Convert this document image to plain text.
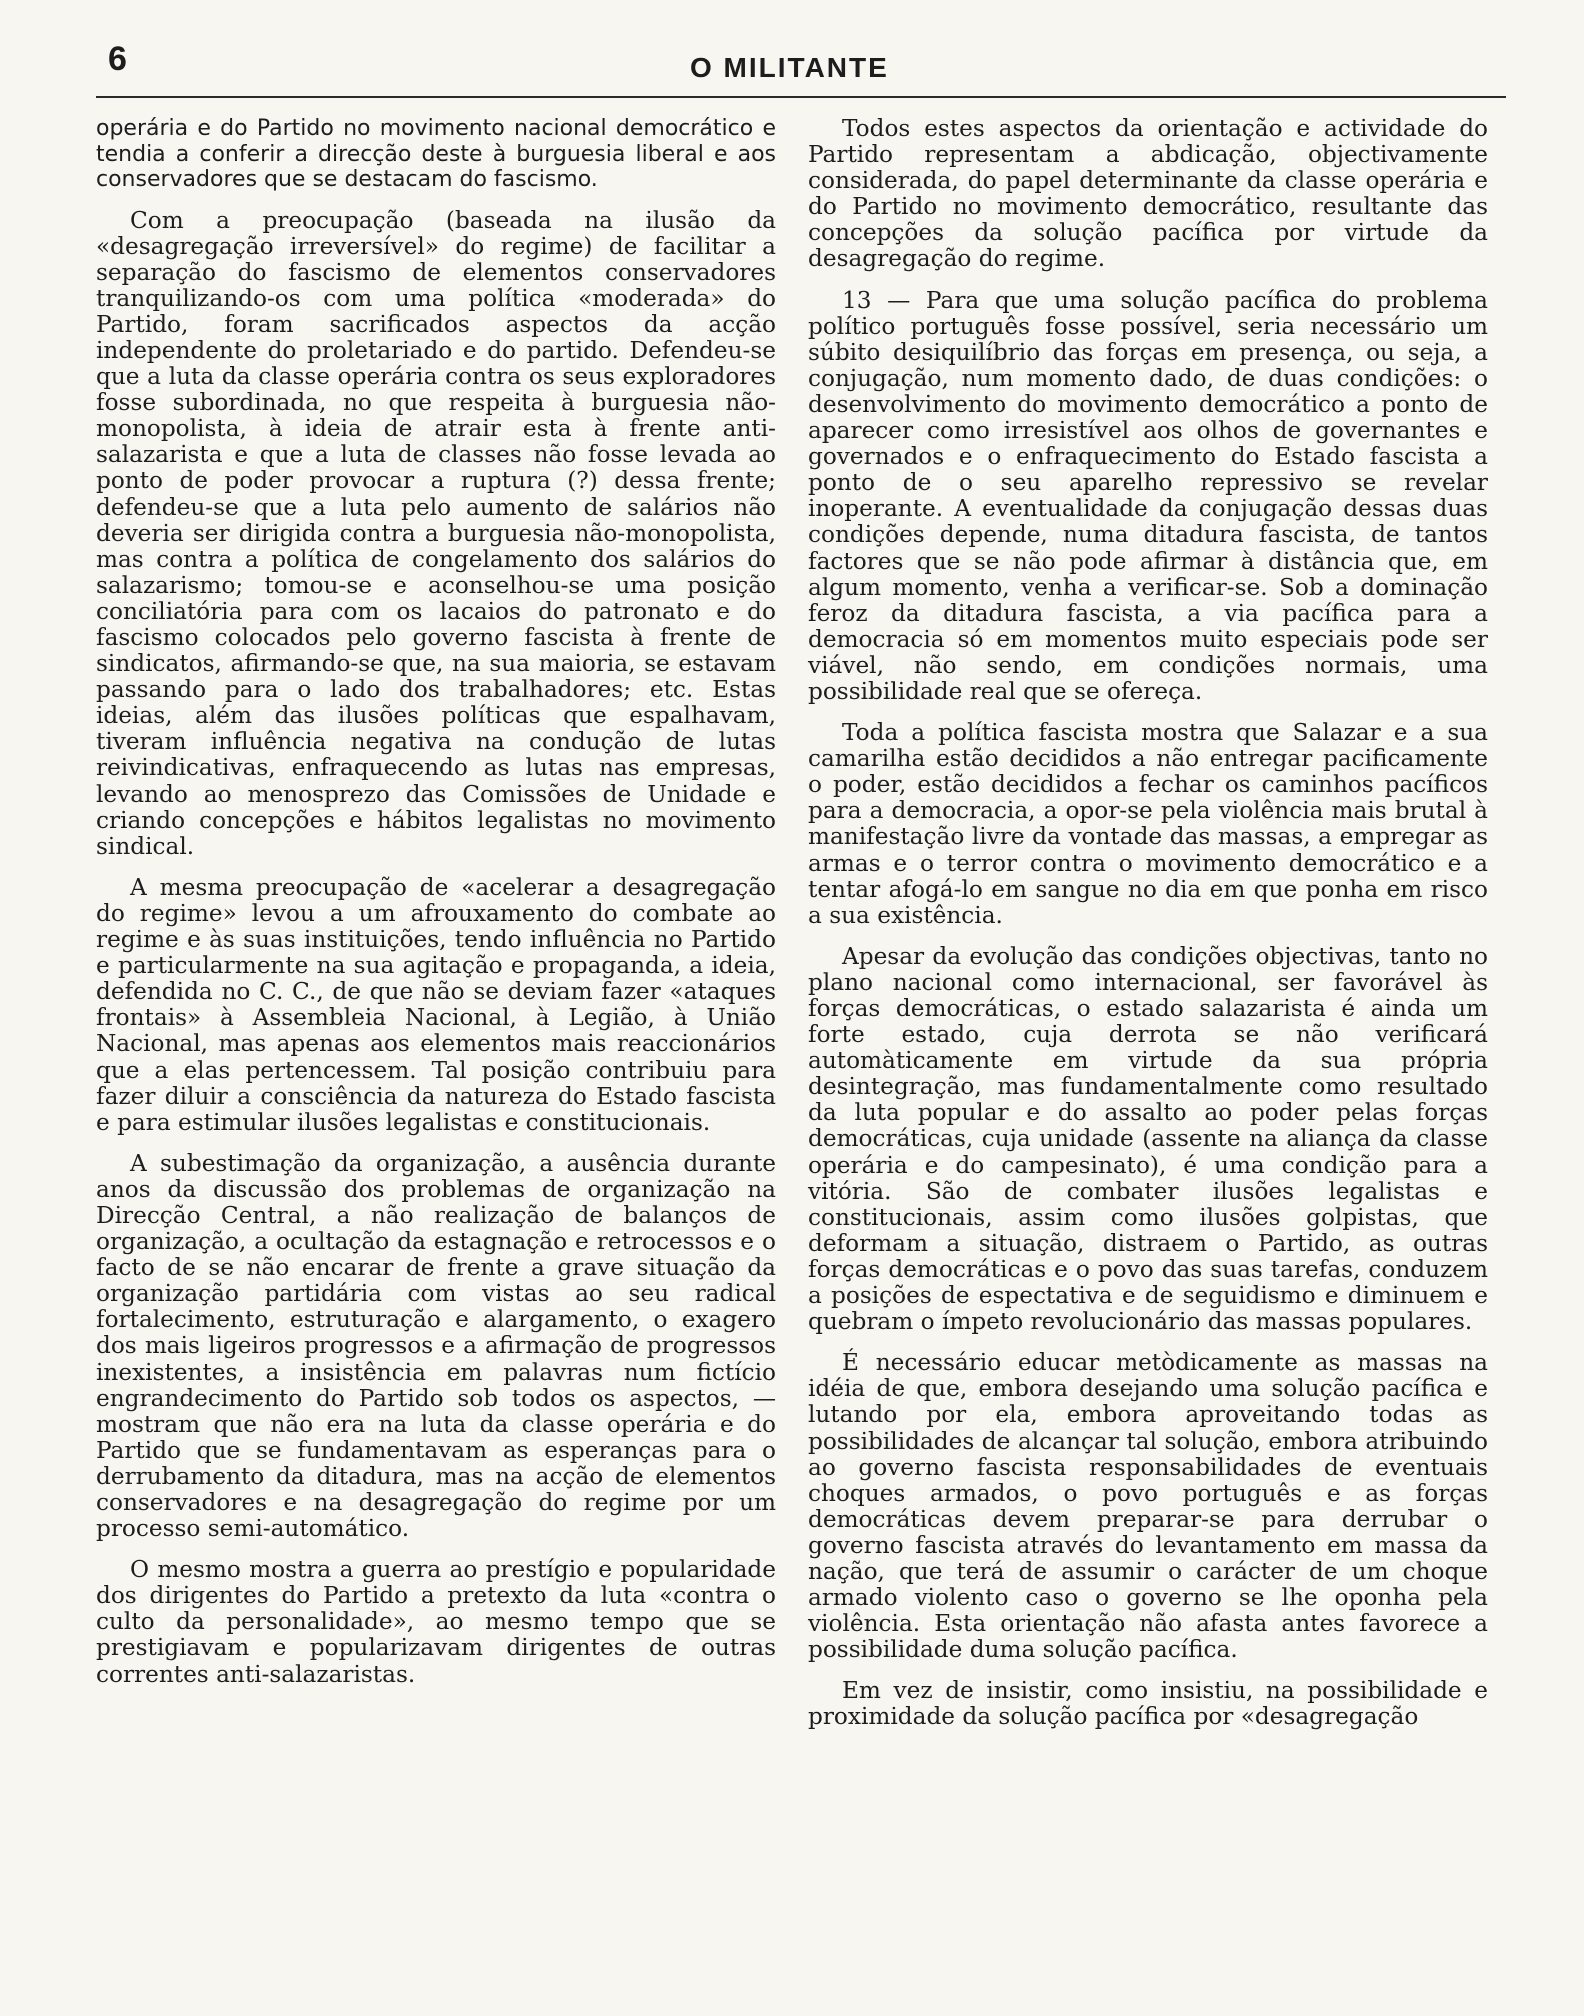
6	O MILITANTE

operária e do Partido no movimento nacional democrático e tendia a conferir a direcção deste à burguesia liberal e aos conservadores que se destacam do fascismo.

Com a preocupação (baseada na ilusão da «desagregação irreversível» do regime) de facilitar a separação do fascismo de elementos conservadores tranquilizando-os com uma política «moderada» do Partido, foram sacrificados aspectos da acção independente do proletariado e do partido. Defendeu-se que a luta da classe operária contra os seus exploradores fosse subordinada, no que respeita à burguesia não-monopolista, à ideia de atrair esta à frente anti-salazarista e que a luta de classes não fosse levada ao ponto de poder provocar a ruptura (?) dessa frente; defendeu-se que a luta pelo aumento de salários não deveria ser dirigida contra a burguesia não-monopolista, mas contra a política de congelamento dos salários do salazarismo; tomou-se e aconselhou-se uma posição conciliatória para com os lacaios do patronato e do fascismo colocados pelo governo fascista à frente de sindicatos, afirmando-se que, na sua maioria, se estavam passando para o lado dos trabalhadores; etc. Estas ideias, além das ilusões políticas que espalhavam, tiveram influência negativa na condução de lutas reivindicativas, enfraquecendo as lutas nas empresas, levando ao menosprezo das Comissões de Unidade e criando concepções e hábitos legalistas no movimento sindical.

A mesma preocupação de «acelerar a desagregação do regime» levou a um afrouxamento do combate ao regime e às suas instituições, tendo influência no Partido e particularmente na sua agitação e propaganda, a ideia, defendida no C. C., de que não se deviam fazer «ataques frontais» à Assembleia Nacional, à Legião, à União Nacional, mas apenas aos elementos mais reaccionários que a elas pertencessem. Tal posição contribuiu para fazer diluir a consciência da natureza do Estado fascista e para estimular ilusões legalistas e constitucionais.

A subestimação da organização, a ausência durante anos da discussão dos problemas de organização na Direcção Central, a não realização de balanços de organização, a ocultação da estagnação e retrocessos e o facto de se não encarar de frente a grave situação da organização partidária com vistas ao seu radical fortalecimento, estruturação e alargamento, o exagero dos mais ligeiros progressos e a afirmação de progressos inexistentes, a insistência em palavras num fictício engrandecimento do Partido sob todos os aspectos, — mostram que não era na luta da classe operária e do Partido que se fundamentavam as esperanças para o derrubamento da ditadura, mas na acção de elementos conservadores e na desagregação do regime por um processo semi-automático.

O mesmo mostra a guerra ao prestígio e popularidade dos dirigentes do Partido a pretexto da luta «contra o culto da personalidade», ao mesmo tempo que se prestigiavam e popularizavam dirigentes de outras correntes anti-salazaristas.

Todos estes aspectos da orientação e actividade do Partido representam a abdicação, objectivamente considerada, do papel determinante da classe operária e do Partido no movimento democrático, resultante das concepções da solução pacífica por virtude da desagregação do regime.

13 — Para que uma solução pacífica do problema político português fosse possível, seria necessário um súbito desiquilíbrio das forças em presença, ou seja, a conjugação, num momento dado, de duas condições: o desenvolvimento do movimento democrático a ponto de aparecer como irresistível aos olhos de governantes e governados e o enfraquecimento do Estado fascista a ponto de o seu aparelho repressivo se revelar inoperante. A eventualidade da conjugação dessas duas condições depende, numa ditadura fascista, de tantos factores que se não pode afirmar à distância que, em algum momento, venha a verificar-se. Sob a dominação feroz da ditadura fascista, a via pacífica para a democracia só em momentos muito especiais pode ser viável, não sendo, em condições normais, uma possibilidade real que se ofereça.

Toda a política fascista mostra que Salazar e a sua camarilha estão decididos a não entregar pacificamente o poder, estão decididos a fechar os caminhos pacíficos para a democracia, a opor-se pela violência mais brutal à manifestação livre da vontade das massas, a empregar as armas e o terror contra o movimento democrático e a tentar afogá-lo em sangue no dia em que ponha em risco a sua existência.

Apesar da evolução das condições objectivas, tanto no plano nacional como internacional, ser favorável às forças democráticas, o estado salazarista é ainda um forte estado, cuja derrota se não verificará automàticamente em virtude da sua própria desintegração, mas fundamentalmente como resultado da luta popular e do assalto ao poder pelas forças democráticas, cuja unidade (assente na aliança da classe operária e do campesinato), é uma condição para a vitória. São de combater ilusões legalistas e constitucionais, assim como ilusões golpistas, que deformam a situação, distraem o Partido, as outras forças democráticas e o povo das suas tarefas, conduzem a posições de espectativa e de seguidismo e diminuem e quebram o ímpeto revolucionário das massas populares.

É necessário educar metòdicamente as massas na idéia de que, embora desejando uma solução pacífica e lutando por ela, embora aproveitando todas as possibilidades de alcançar tal solução, embora atribuindo ao governo fascista responsabilidades de eventuais choques armados, o povo português e as forças democráticas devem preparar-se para derrubar o governo fascista através do levantamento em massa da nação, que terá de assumir o carácter de um choque armado violento caso o governo se lhe oponha pela violência. Esta orientação não afasta antes favorece a possibilidade duma solução pacífica.

Em vez de insistir, como insistiu, na possibilidade e proximidade da solução pacífica por «desagregação
